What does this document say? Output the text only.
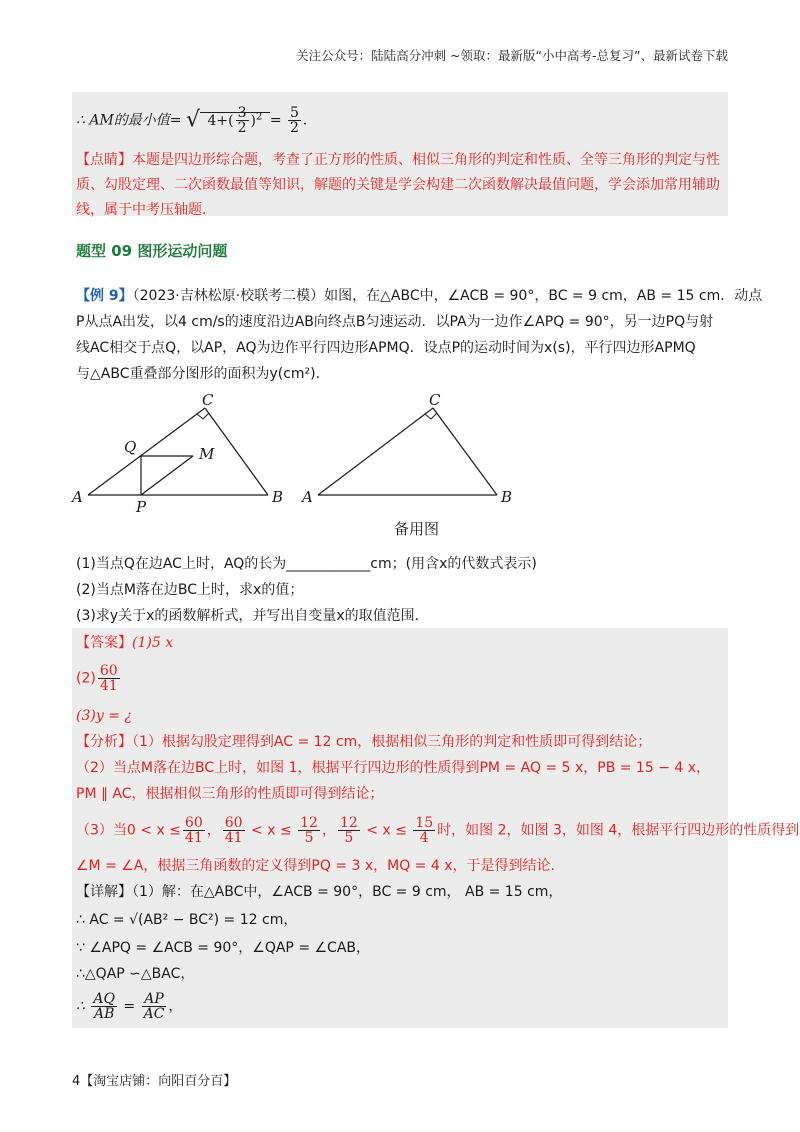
关注公众号：陆陆高分冲刺 ~领取：最新版“小中高考-总复习”、最新试卷下载
∴ AM的最小值= √ $4+( \frac{3}{2} )^2 = \frac{5}{2}$ ．
【点睛】本题是四边形综合题，考查了正方形的性质、相似三角形的判定和性质、全等三角形的判定与性
质、勾股定理、二次函数最值等知识，解题的关键是学会构建二次函数解决最值问题，学会添加常用辅助
线，属于中考压轴题．
题型 09 图形运动问题
【例 9】（2023·吉林松原·校联考二模）如图，在△ABC中，∠ACB = 90°，BC = 9 cm，AB = 15 cm．动点
P从点A出发，以4 cm/s的速度沿边AB向终点B匀速运动．以PA为一边作∠APQ = 90°，另一边PQ与射
线AC相交于点Q，以AP，AQ为边作平行四边形APMQ．设点P的运动时间为x(s)，平行四边形APMQ
与△ABC重叠部分图形的面积为y(cm²)．
C
Q	M
A	B
P
C
A	B
备用图
(1)当点Q在边AC上时，AQ的长为____________cm；(用含x的代数式表示)
(2)当点M落在边BC上时，求x的值；
(3)求y关于x的函数解析式，并写出自变量x的取值范围．
【答案】(1)5 x
$(2) \frac{60}{41}$
(3)y = ¿
【分析】（1）根据勾股定理得到AC = 12 cm，根据相似三角形的判定和性质即可得到结论；
（2）当点M落在边BC上时，如图 1，根据平行四边形的性质得到PM = AQ = 5 x，PB = 15 − 4 x，
PM ∥ AC，根据相似三角形的性质即可得到结论；
（3）当$0 < x \le \frac{60}{41}$ ， $\frac{60}{41} < x \le \frac{12}{5}$ ， $\frac{12}{5} < x \le \frac{15}{4}$ 时，如图 2，如图 3，如图 4，根据平行四边形的性质得到
∠M = ∠A，根据三角函数的定义得到PQ = 3 x，MQ = 4 x，于是得到结论．
【详解】（1）解：在△ABC中，∠ACB = 90°，BC = 9 cm， AB = 15 cm，
∴ AC = √(AB² − BC²) = 12 cm，
∵ ∠APQ = ∠ACB = 90°，∠QAP = ∠CAB，
∴△QAP ∽△BAC，
∴ $\frac{AQ}{AB} = \frac{AP}{AC}$ ，
4【淘宝店铺：向阳百分百】
